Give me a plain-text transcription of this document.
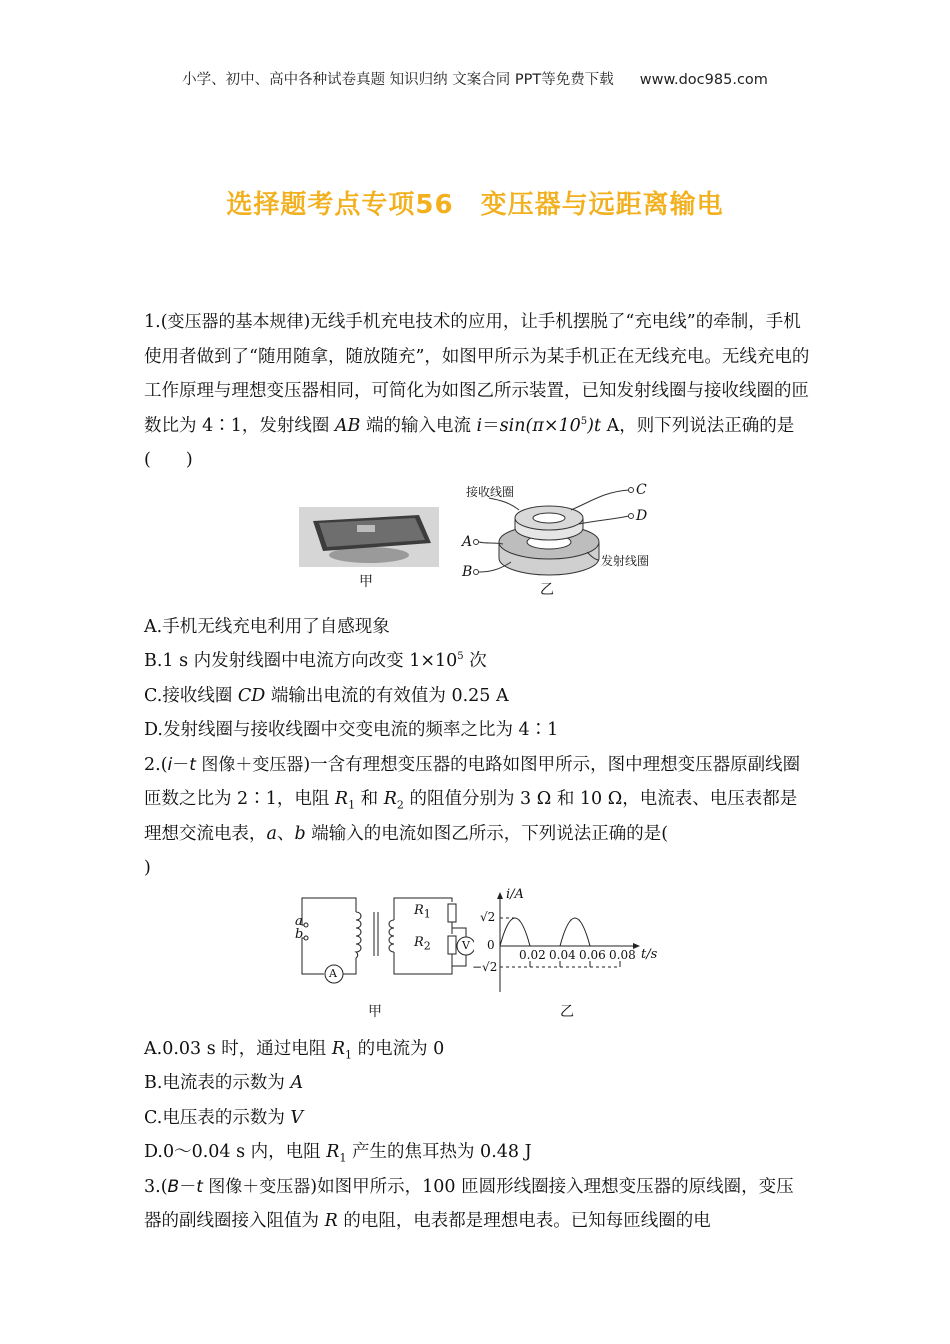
小学、初中、高中各种试卷真题 知识归纳 文案合同 PPT等免费下载 www.doc985.com
选择题考点专项56　变压器与远距离输电

1.(变压器的基本规律)无线手机充电技术的应用，让手机摆脱了“充电线”的牵制，手机使用者做到了“随用随拿，随放随充”，如图甲所示为某手机正在无线充电。无线充电的工作原理与理想变压器相同，可简化为如图乙所示装置，已知发射线圈与接收线圈的匝数比为 4∶1，发射线圈 AB 端的输入电流 $i=\sin(\pi\times 10^5)t$ A，则下列说法正确的是(　　)

甲
接收线圈
发射线圈
C
D
A
B
乙

A.手机无线充电利用了自感现象

B.1 s 内发射线圈中电流方向改变 $1\times 10^5$ 次

C.接收线圈 CD 端输出电流的有效值为 0.25 A

D.发射线圈与接收线圈中交变电流的频率之比为 4∶1

2.(i－t 图像＋变压器)一含有理想变压器的电路如图甲所示，图中理想变压器原副线圈匝数之比为 2∶1，电阻 $R_1$ 和 $R_2$ 的阻值分别为 3 Ω 和 10 Ω，电流表、电压表都是理想交流电表，a、b 端输入的电流如图乙所示，下列说法正确的是(
)

a
b
A
V
$R_1$
$R_2$
甲
i/A
√2
0
−√2
0.02 0.04 0.06 0.08 t/s
乙

A.0.03 s 时，通过电阻 $R_1$ 的电流为 0

B.电流表的示数为 A

C.电压表的示数为 V

D.0～0.04 s 内，电阻 $R_1$ 产生的焦耳热为 0.48 J

3.(B－t 图像＋变压器)如图甲所示，100 匝圆形线圈接入理想变压器的原线圈，变压器的副线圈接入阻值为 R 的电阻，电表都是理想电表。已知每匝线圈的电
